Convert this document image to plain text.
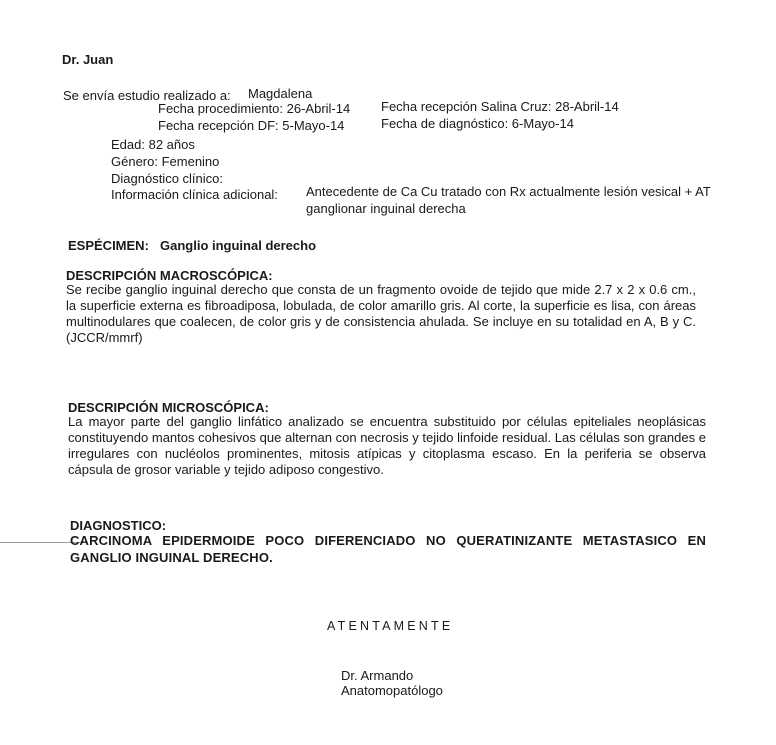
Dr. Juan
Se envía estudio realizado a: Magdalena
Fecha procedimiento: 26-Abril-14 Fecha recepción Salina Cruz: 28-Abril-14
Fecha recepción DF: 5-Mayo-14	Fecha de diagnóstico: 6-Mayo-14
Edad: 82 años
Género: Femenino
Diagnóstico clínico:
Información clínica adicional: Antecedente de Ca Cu tratado con Rx actualmente lesión vesical + AT
ganglionar inguinal derecha
ESPÉCIMEN: Ganglio inguinal derecho
DESCRIPCIÓN MACROSCÓPICA:
Se recibe ganglio inguinal derecho que consta de un fragmento ovoide de tejido que mide 2.7 x 2 x 0.6 cm., la superficie externa es fibroadiposa, lobulada, de color amarillo gris. Al corte, la superficie es lisa, con áreas multinodulares que coalecen, de color gris y de consistencia ahulada. Se incluye en su totalidad en A, B y C. (JCCR/mmrf)
DESCRIPCIÓN MICROSCÓPICA:
La mayor parte del ganglio linfático analizado se encuentra substituido por células epiteliales neoplásicas constituyendo mantos cohesivos que alternan con necrosis y tejido linfoide residual. Las células son grandes e irregulares con nucléolos prominentes, mitosis atípicas y citoplasma escaso. En la periferia se observa cápsula de grosor variable y tejido adiposo congestivo.
DIAGNOSTICO:
CARCINOMA EPIDERMOIDE POCO DIFERENCIADO NO QUERATINIZANTE METASTASICO EN GANGLIO INGUINAL DERECHO.
ATENTAMENTE
Dr. Armando
Anatomopatólogo
